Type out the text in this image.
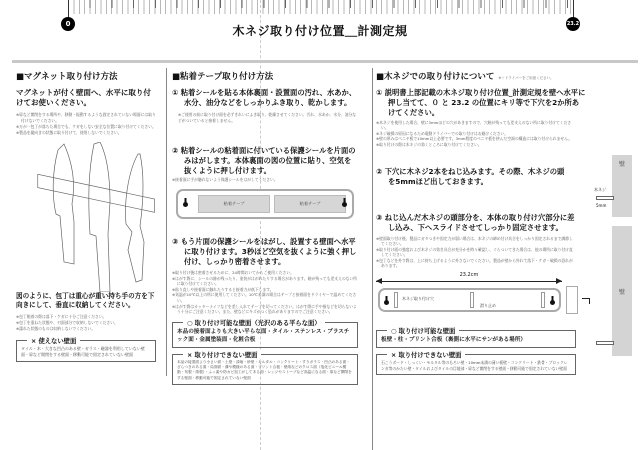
0	23.2
木ネジ取り付け位置＿計測定規
■マグネット取り付け方法
マグネットが付く壁面へ、水平に取り付けてお使いください。

※扉など開閉をする場所や、移動・振動するような固定されていない場面には取り付けないでください。

※万が一包丁が落ちた場合でも、ケガをしない安全な位置に取り付けてください。

※製品を縦向きの状態に取り付けて、使用しないでください。

図のように、包丁は重心が重い持ち手の方を下向きにして、垂直に収納してください。

※包丁脱着の際は落下・ケガに十分ご注意ください。

※包丁を重ねた状態や、刃面部分で収納しないでください。

※濡れた状態のものは収納しないでください。

× 使えない壁面
タイル・木・大きな凹凸のある壁・ガラス・磁器を利用していない壁面・扉など開閉をする壁面・移動可能で固定されていない壁面
■粘着テープ取り付け方法
① 粘着シールを貼る本体裏面・設置面の汚れ、水あか、水分、油分などをしっかりふき取り、乾かします。
※ご使用の前に取り付け面を必ずきれいにふき取り、乾燥させてください。汚れ、水あか、水分、油分などがついていると接着しません。
② 粘着シールの粘着面に付いている保護シールを片面のみはがします。本体裏面の図の位置に貼り、空気を抜くように押し付けます。
※接着面に手が触れないよう保護シールをはがしてください。
粘着テープ	粘着テープ
③ もう片面の保護シールをはがし、設置する壁面へ水平に取り付けます。3秒ほど空気を抜くように強く押し付け、しっかり密着させます。

※取り付け後は密着させるために、24時間おいてからご使用ください。

※はがす際に、シールの跡が残ったり、塗装がはがれたりする場合があります。跡が残っても差支えのない所に取り付けてください。

※貼り直しや接着面に触れたりすると接着力が低下します。

※気温が10℃以上の所に使用してください。10℃未満の場合はテープと接着面をドライヤーで温めてください。

※はがす際はカッターナイフなどを差し入れてテープを切ってください。はがす際に手や指などを切らないよう十分にご注意ください。また、壁などにキズがつく恐れがありますのでご注意ください。

○ 取り付け可能な壁面（光沢のある平らな面）
本品の接着面よりも大きい平らな面・タイル・ステンレス・プラスチック面・金属塗装面・化粧合板
× 取り付けできない壁面
本品の接着面より小さい面・土壁・漆喰・砂壁・モルタル・コンクリート・すりガラス・凹凸のある面・ざらつきのある面・局面面・溝や模様のある面・プリント合板・壁紙などのクロス面（塩化ビニール樹脂・布製・紙製）・ふっ素や防カビ加工がしてある面・レンジやストーブなど高温になる面・扉など開閉をする壁面・移動可能で固定されていない壁面
■木ネジでの取り付けについて ※＋ドライバーをご用意ください。
① 説明書上部記載の木ネジ取り付け位置_計測定規を壁へ水平に押し当てて、０ と 23.2 の位置にキリ等で下穴を2か所あけてください。

※木ネジを使用した場合、壁に3mmほどの穴があきますので、穴跡が残っても差支えのない所に取り付けてください。

※ネジ破損の原因になるため電動ドライバーでの取り付けはお避けください。

※壁の厚みはベニヤ板で10mm以上必要です。3mm程度のベニヤ板を挟んだ空洞の構造には取り付けられません。

※取り付けの際は木ネジの効くところに取り付けてください。

② 下穴に木ネジ2本をねじ込みます。その際、木ネジの頭を5mmほど出しておきます。
③ ねじ込んだ木ネジの頭部分を、本体の取り付け穴部分に差し込み、下へスライドさせてしっかり固定させます。

※壁面取り付け後、製品にガタつきや固定力が弱い場合は、木ネジの締め付け具合をしっかり固定されるまで調節してください。

※取り付け面の強度および木ネジの効き具合が充分かを時々確認し、ぐらついてきた場合は、他の場所に取り付け直してください。

※包丁などを外す際は、上に持ち上げるように外さないでください。製品が壁から外れて落下・ケガ・破損の恐れがあります。

23.2cm
木ネジ取り付け穴
滑り止め
○ 取り付け可能な壁面
板壁・柱・プリント合板（裏側に水平にサンがある場所）
× 取り付けできない壁面
石こうボード・しっくい・モルタル等のもろい壁・10mm未満の薄い板壁・コンクリート・鉄骨・ブロックレンガ等のかたい壁・タイルおよびタイルの目地部・扉など開閉をする壁面・移動可能で固定されていない壁面
壁
木ネジ
5mm
壁
